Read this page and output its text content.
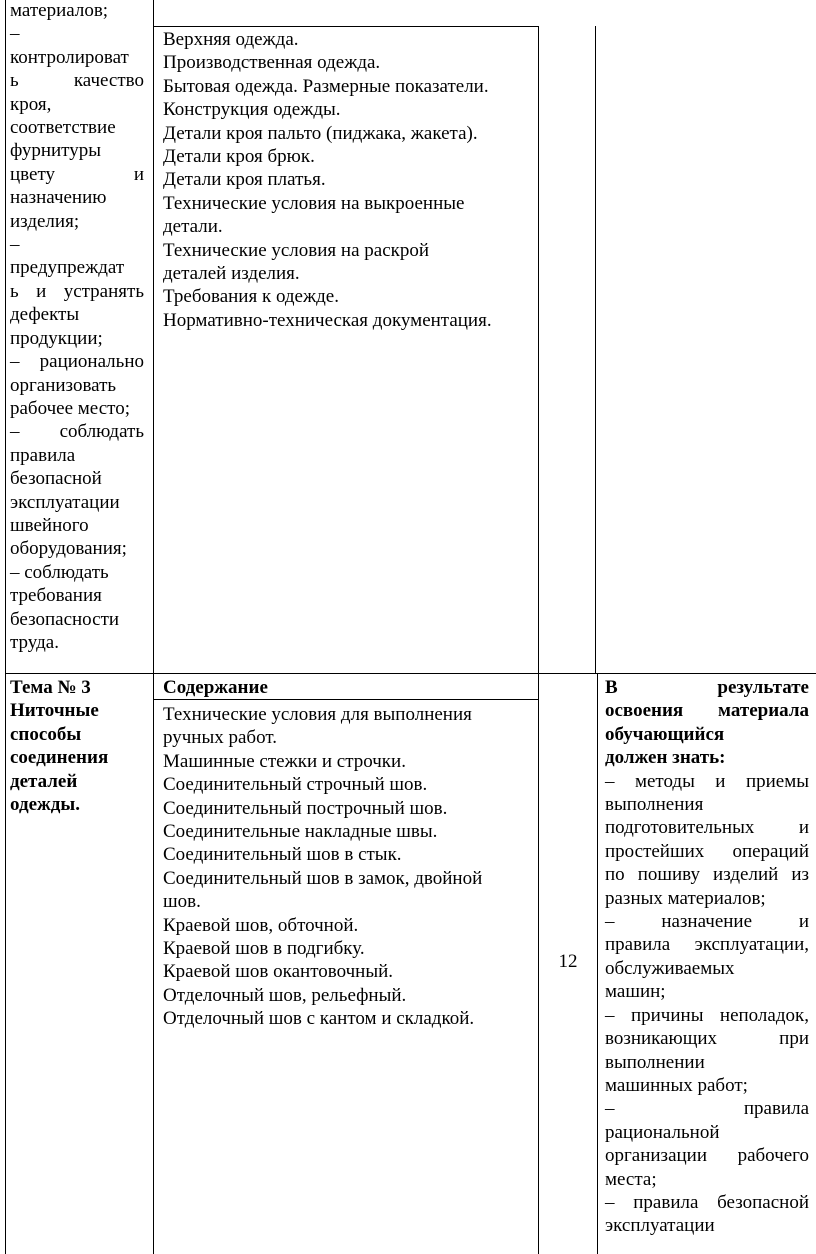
материалов;

–

контролироват

ь качество

кроя,

соответствие

фурнитуры

цвету и

назначению

изделия;

–

предупреждат

ь и устранять

дефекты

продукции;

– рационально

организовать

рабочее место;

– соблюдать

правила

безопасной

эксплуатации

швейного

оборудования;

– соблюдать

требования

безопасности

труда.

Верхняя одежда.

Производственная одежда.

Бытовая одежда. Размерные показатели.

Конструкция одежды.

Детали кроя пальто (пиджака, жакета).

Детали кроя брюк.

Детали кроя платья.

Технические условия на выкроенные

детали.

Технические условия на раскрой

деталей изделия.

Требования к одежде.

Нормативно-техническая документация.

Тема № 3

Ниточные

способы

соединения

деталей

одежды.

Содержание

Технические условия для выполнения

ручных работ.

Машинные стежки и строчки.

Соединительный строчный шов.

Соединительный построчный шов.

Соединительные накладные швы.

Соединительный шов в стык.

Соединительный шов в замок, двойной

шов.

Краевой шов, обточной.

Краевой шов в подгибку.

Краевой шов окантовочный.

Отделочный шов, рельефный.

Отделочный шов с кантом и складкой.

12

В результате

освоения материала

обучающийся

должен знать:

– методы и приемы

выполнения

подготовительных и

простейших операций

по пошиву изделий из

разных материалов;

– назначение и

правила эксплуатации,

обслуживаемых

машин;

– причины неполадок,

возникающих при

выполнении

машинных работ;

– правила

рациональной

организации рабочего

места;

– правила безопасной

эксплуатации
